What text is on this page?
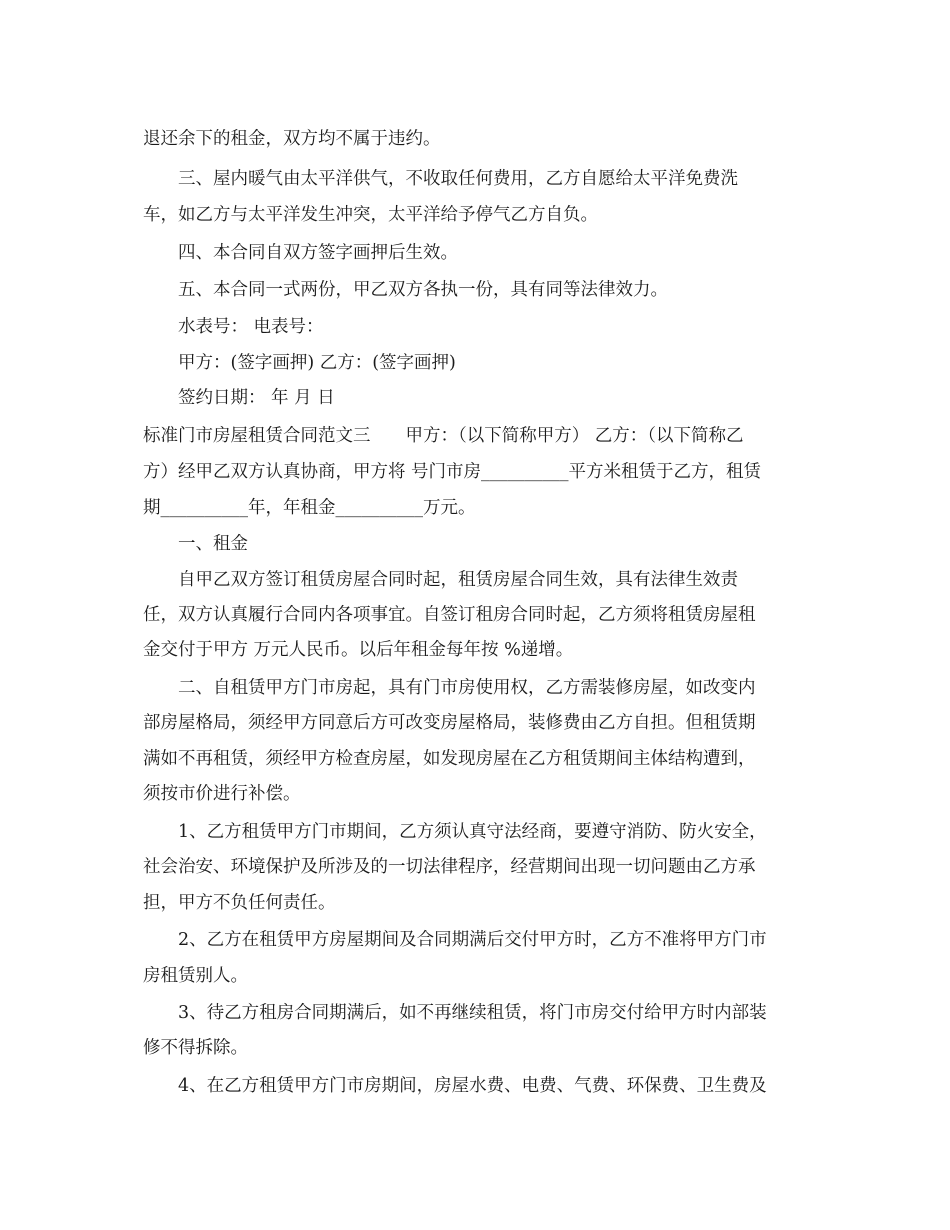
退还余下的租金，双方均不属于违约。
三、屋内暖气由太平洋供气，不收取任何费用，乙方自愿给太平洋免费洗
车，如乙方与太平洋发生冲突，太平洋给予停气乙方自负。
四、本合同自双方签字画押后生效。
五、本合同一式两份，甲乙双方各执一份，具有同等法律效力。
水表号： 电表号：
甲方：(签字画押) 乙方：(签字画押)
签约日期： 年 月 日
标准门市房屋租赁合同范文三　　甲方：（以下简称甲方） 乙方：（以下简称乙
方）经甲乙双方认真协商，甲方将 号门市房__________平方米租赁于乙方，租赁
期__________年，年租金__________万元。
一、租金
自甲乙双方签订租赁房屋合同时起，租赁房屋合同生效，具有法律生效责
任，双方认真履行合同内各项事宜。自签订租房合同时起，乙方须将租赁房屋租
金交付于甲方 万元人民币。以后年租金每年按 %递增。
二、自租赁甲方门市房起，具有门市房使用权，乙方需装修房屋，如改变内
部房屋格局，须经甲方同意后方可改变房屋格局，装修费由乙方自担。但租赁期
满如不再租赁，须经甲方检查房屋，如发现房屋在乙方租赁期间主体结构遭到，
须按市价进行补偿。
1、乙方租赁甲方门市期间，乙方须认真守法经商，要遵守消防、防火安全，
社会治安、环境保护及所涉及的一切法律程序，经营期间出现一切问题由乙方承
担，甲方不负任何责任。
2、乙方在租赁甲方房屋期间及合同期满后交付甲方时，乙方不准将甲方门市
房租赁别人。
3、待乙方租房合同期满后，如不再继续租赁，将门市房交付给甲方时内部装
修不得拆除。
4、在乙方租赁甲方门市房期间，房屋水费、电费、气费、环保费、卫生费及
